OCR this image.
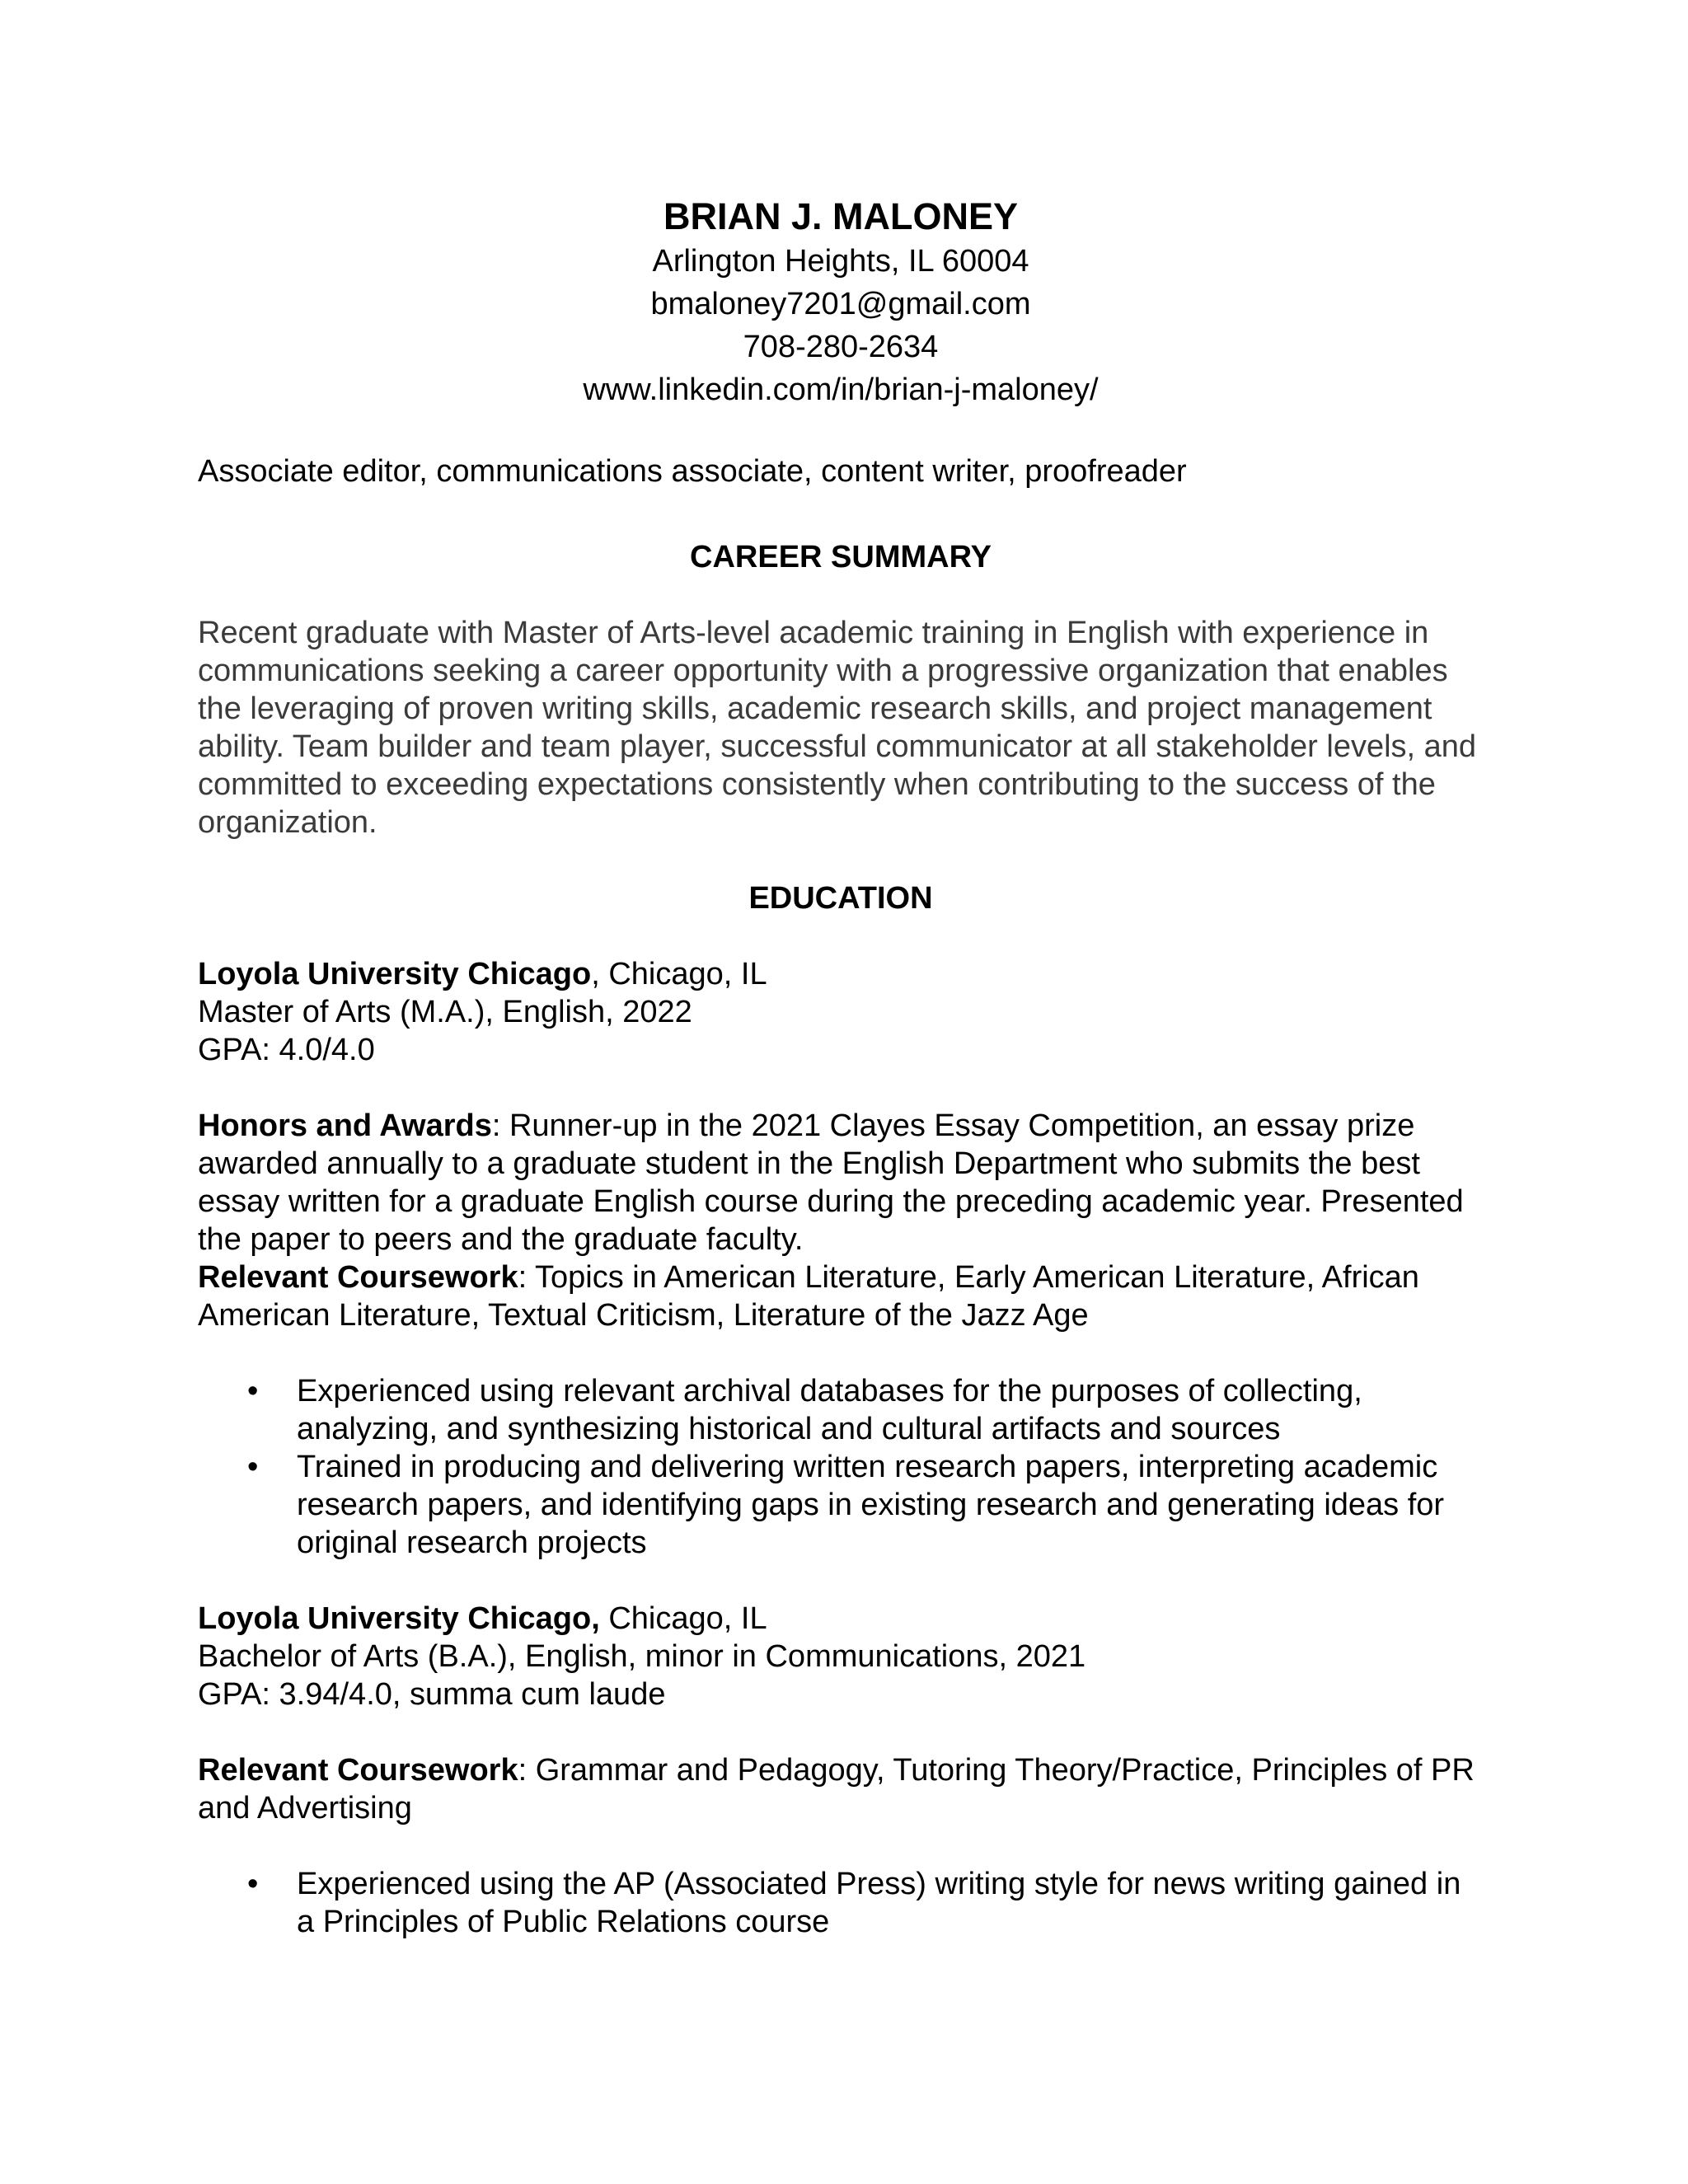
BRIAN J. MALONEY
Arlington Heights, IL 60004
bmaloney7201@gmail.com
708-280-2634
www.linkedin.com/in/brian-j-maloney/
Associate editor, communications associate, content writer, proofreader
CAREER SUMMARY
Recent graduate with Master of Arts-level academic training in English with experience in communications seeking a career opportunity with a progressive organization that enables the leveraging of proven writing skills, academic research skills, and project management ability. Team builder and team player, successful communicator at all stakeholder levels, and committed to exceeding expectations consistently when contributing to the success of the organization.
EDUCATION
Loyola University Chicago, Chicago, IL
Master of Arts (M.A.), English, 2022
GPA: 4.0/4.0
Honors and Awards: Runner-up in the 2021 Clayes Essay Competition, an essay prize awarded annually to a graduate student in the English Department who submits the best essay written for a graduate English course during the preceding academic year. Presented the paper to peers and the graduate faculty.
Relevant Coursework: Topics in American Literature, Early American Literature, African American Literature, Textual Criticism, Literature of the Jazz Age
• Experienced using relevant archival databases for the purposes of collecting, analyzing, and synthesizing historical and cultural artifacts and sources
• Trained in producing and delivering written research papers, interpreting academic research papers, and identifying gaps in existing research and generating ideas for original research projects
Loyola University Chicago, Chicago, IL
Bachelor of Arts (B.A.), English, minor in Communications, 2021
GPA: 3.94/4.0, summa cum laude
Relevant Coursework: Grammar and Pedagogy, Tutoring Theory/Practice, Principles of PR and Advertising
• Experienced using the AP (Associated Press) writing style for news writing gained in a Principles of Public Relations course
